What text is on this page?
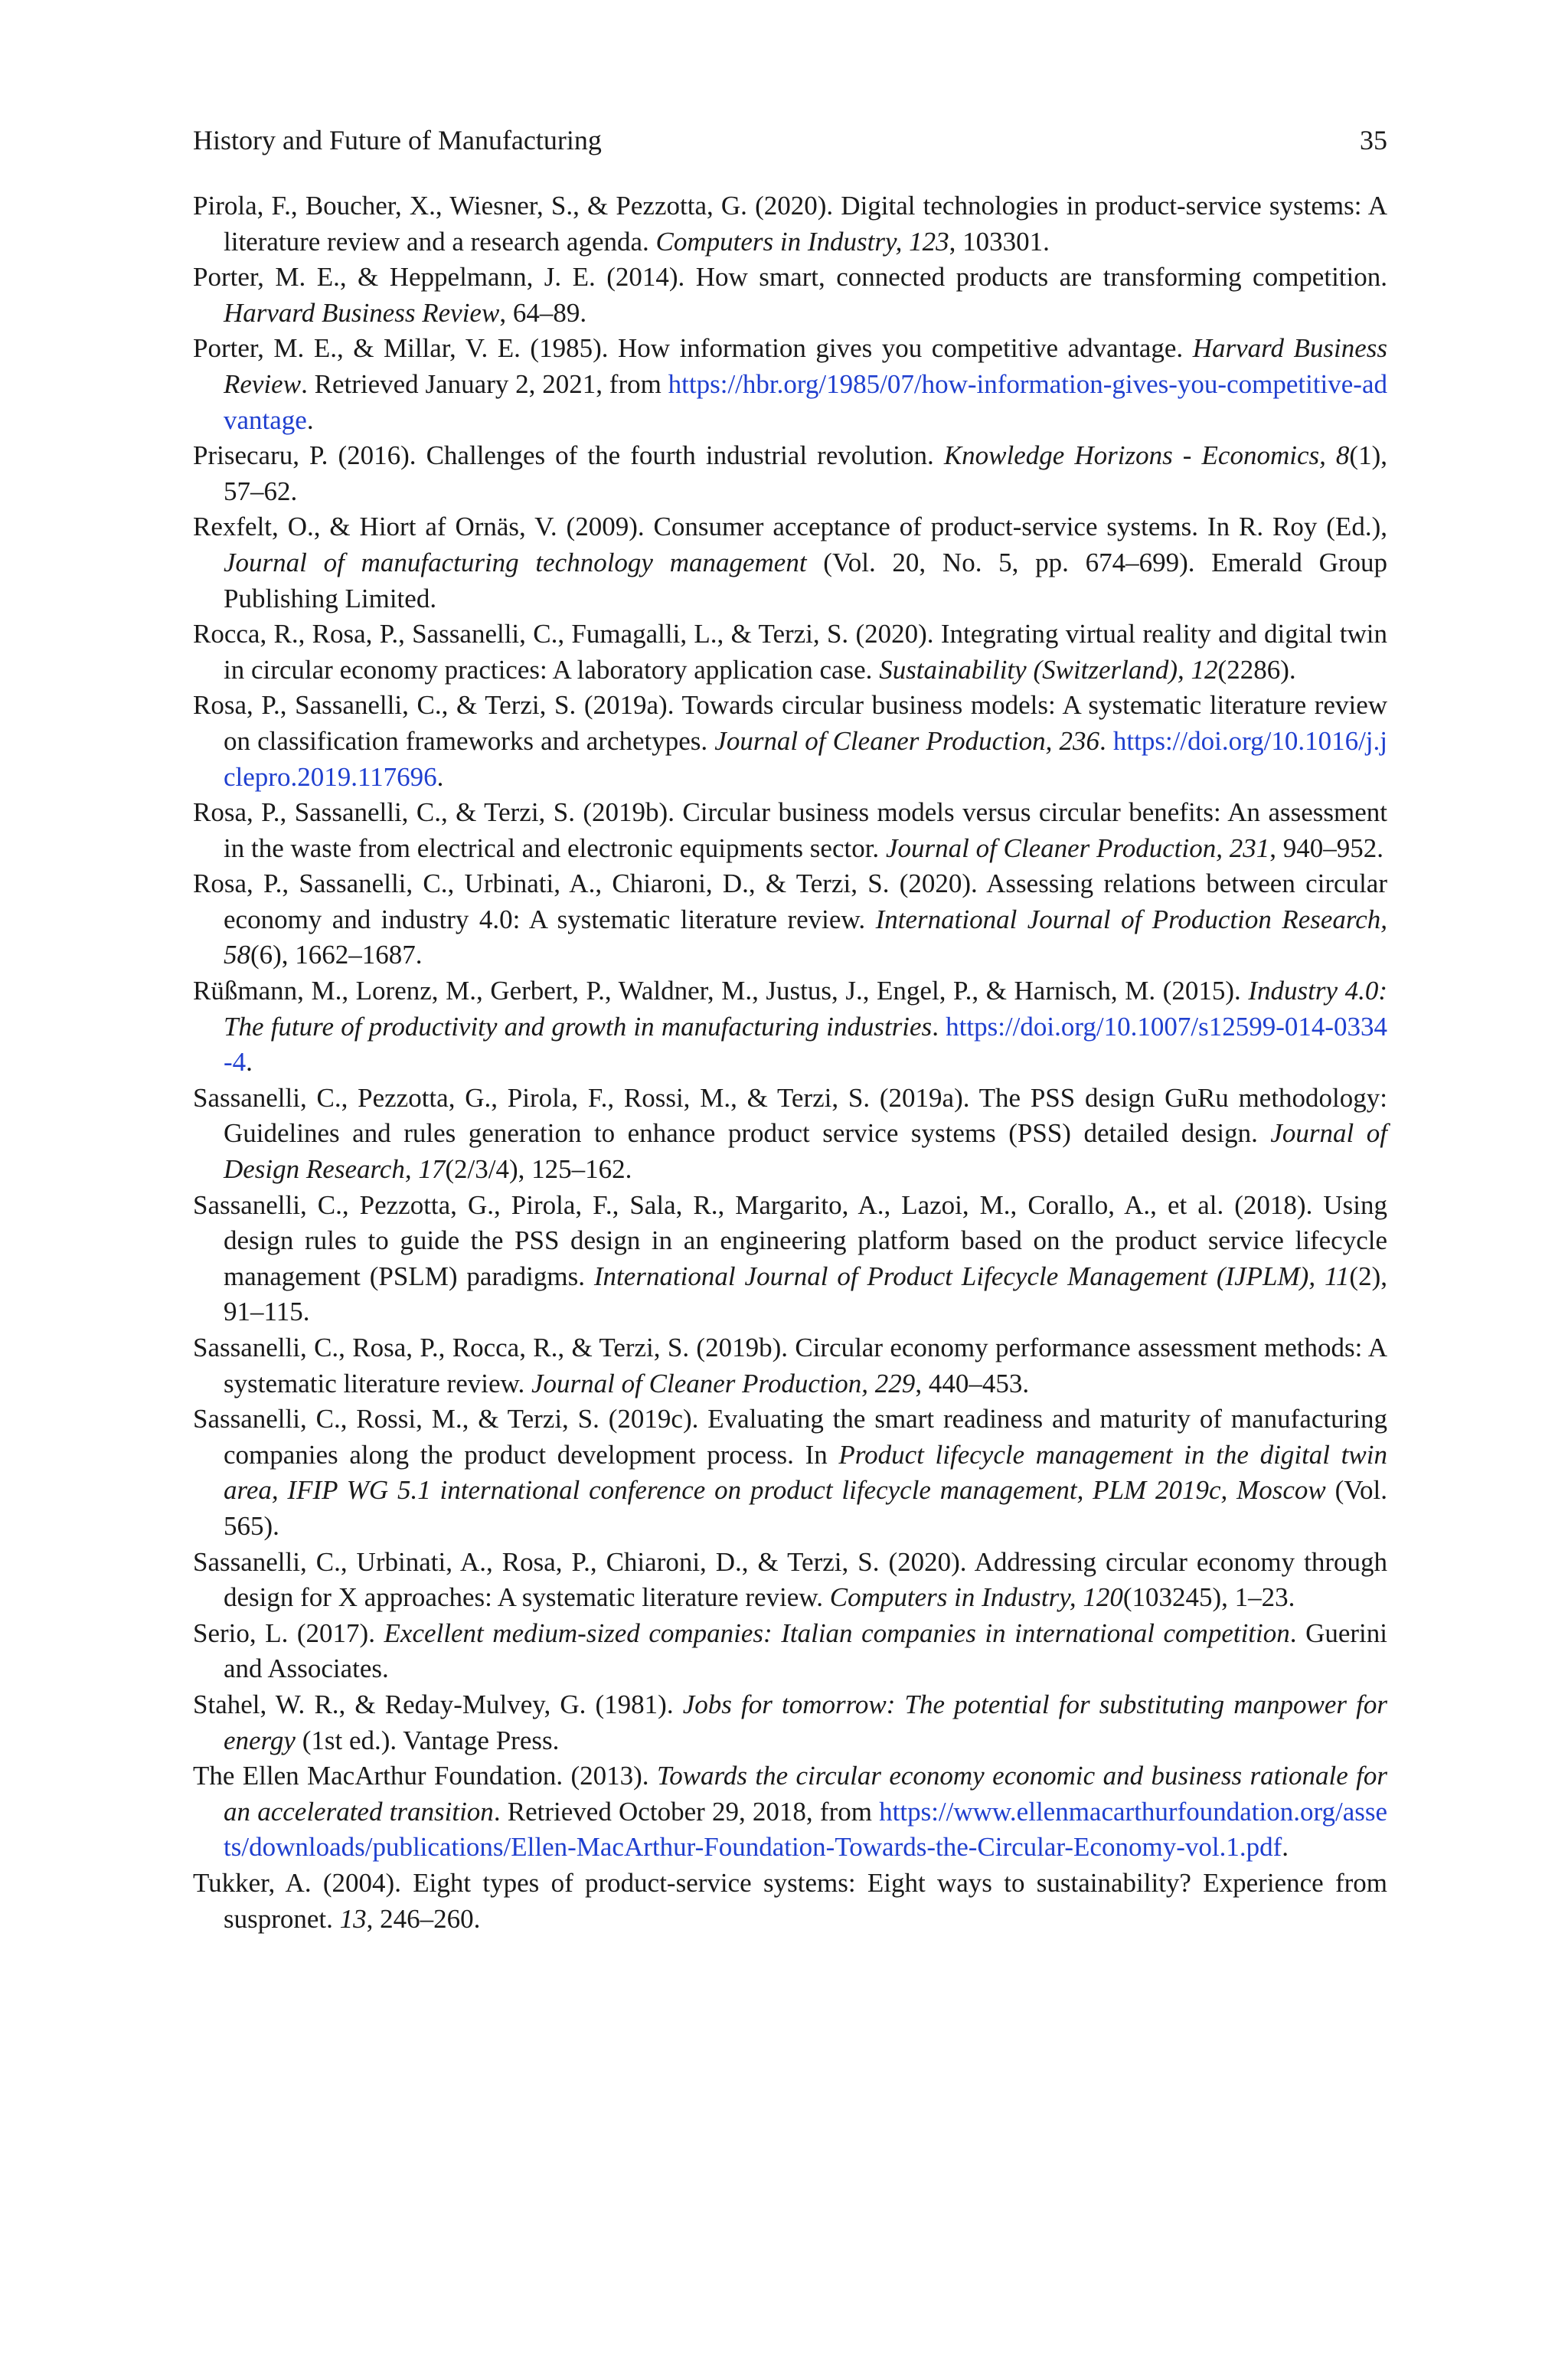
History and Future of Manufacturing	35
Pirola, F., Boucher, X., Wiesner, S., & Pezzotta, G. (2020). Digital technologies in product-service systems: A literature review and a research agenda. Computers in Industry, 123, 103301.
Porter, M. E., & Heppelmann, J. E. (2014). How smart, connected products are transforming competition. Harvard Business Review, 64–89.
Porter, M. E., & Millar, V. E. (1985). How information gives you competitive advantage. Harvard Business Review. Retrieved January 2, 2021, from https://hbr.org/1985/07/how-information-gives-you-competitive-advantage.
Prisecaru, P. (2016). Challenges of the fourth industrial revolution. Knowledge Horizons - Economics, 8(1), 57–62.
Rexfelt, O., & Hiort af Ornäs, V. (2009). Consumer acceptance of product-service systems. In R. Roy (Ed.), Journal of manufacturing technology management (Vol. 20, No. 5, pp. 674–699). Emerald Group Publishing Limited.
Rocca, R., Rosa, P., Sassanelli, C., Fumagalli, L., & Terzi, S. (2020). Integrating virtual reality and digital twin in circular economy practices: A laboratory application case. Sustainability (Switzerland), 12(2286).
Rosa, P., Sassanelli, C., & Terzi, S. (2019a). Towards circular business models: A systematic literature review on classification frameworks and archetypes. Journal of Cleaner Production, 236. https://doi.org/10.1016/j.jclepro.2019.117696.
Rosa, P., Sassanelli, C., & Terzi, S. (2019b). Circular business models versus circular benefits: An assessment in the waste from electrical and electronic equipments sector. Journal of Cleaner Production, 231, 940–952.
Rosa, P., Sassanelli, C., Urbinati, A., Chiaroni, D., & Terzi, S. (2020). Assessing relations between circular economy and industry 4.0: A systematic literature review. International Journal of Production Research, 58(6), 1662–1687.
Rüßmann, M., Lorenz, M., Gerbert, P., Waldner, M., Justus, J., Engel, P., & Harnisch, M. (2015). Industry 4.0: The future of productivity and growth in manufacturing industries. https://doi.org/10.1007/s12599-014-0334-4.
Sassanelli, C., Pezzotta, G., Pirola, F., Rossi, M., & Terzi, S. (2019a). The PSS design GuRu methodology: Guidelines and rules generation to enhance product service systems (PSS) detailed design. Journal of Design Research, 17(2/3/4), 125–162.
Sassanelli, C., Pezzotta, G., Pirola, F., Sala, R., Margarito, A., Lazoi, M., Corallo, A., et al. (2018). Using design rules to guide the PSS design in an engineering platform based on the product service lifecycle management (PSLM) paradigms. International Journal of Product Lifecycle Management (IJPLM), 11(2), 91–115.
Sassanelli, C., Rosa, P., Rocca, R., & Terzi, S. (2019b). Circular economy performance assessment methods: A systematic literature review. Journal of Cleaner Production, 229, 440–453.
Sassanelli, C., Rossi, M., & Terzi, S. (2019c). Evaluating the smart readiness and maturity of manufacturing companies along the product development process. In Product lifecycle management in the digital twin area, IFIP WG 5.1 international conference on product lifecycle management, PLM 2019c, Moscow (Vol. 565).
Sassanelli, C., Urbinati, A., Rosa, P., Chiaroni, D., & Terzi, S. (2020). Addressing circular economy through design for X approaches: A systematic literature review. Computers in Industry, 120(103245), 1–23.
Serio, L. (2017). Excellent medium-sized companies: Italian companies in international competition. Guerini and Associates.
Stahel, W. R., & Reday-Mulvey, G. (1981). Jobs for tomorrow: The potential for substituting manpower for energy (1st ed.). Vantage Press.
The Ellen MacArthur Foundation. (2013). Towards the circular economy economic and business rationale for an accelerated transition. Retrieved October 29, 2018, from https://www.ellenmacarthurfoundation.org/assets/downloads/publications/Ellen-MacArthur-Foundation-Towards-the-Circular-Economy-vol.1.pdf.
Tukker, A. (2004). Eight types of product-service systems: Eight ways to sustainability? Experience from suspronet. 13, 246–260.
